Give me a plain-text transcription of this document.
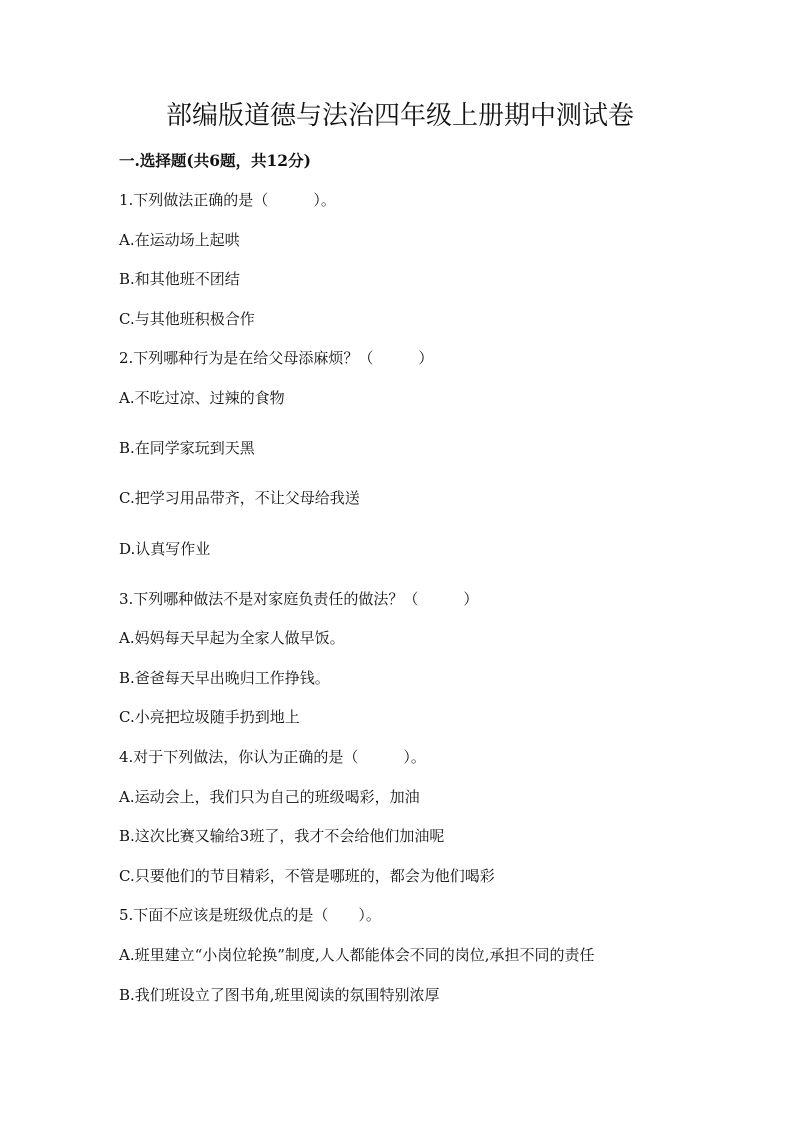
部编版道德与法治四年级上册期中测试卷
一.选择题(共6题，共12分)
1.下列做法正确的是（　　　）。
A.在运动场上起哄
B.和其他班不团结
C.与其他班积极合作
2.下列哪种行为是在给父母添麻烦？（　　　）
A.不吃过凉、过辣的食物
B.在同学家玩到天黑
C.把学习用品带齐，不让父母给我送
D.认真写作业
3.下列哪种做法不是对家庭负责任的做法？（　　　）
A.妈妈每天早起为全家人做早饭。
B.爸爸每天早出晚归工作挣钱。
C.小亮把垃圾随手扔到地上
4.对于下列做法，你认为正确的是（　　　）。
A.运动会上，我们只为自己的班级喝彩，加油
B.这次比赛又输给3班了，我才不会给他们加油呢
C.只要他们的节目精彩，不管是哪班的，都会为他们喝彩
5.下面不应该是班级优点的是（　　）。
A.班里建立“小岗位轮换”制度,人人都能体会不同的岗位,承担不同的责任
B.我们班设立了图书角,班里阅读的氛围特别浓厚
